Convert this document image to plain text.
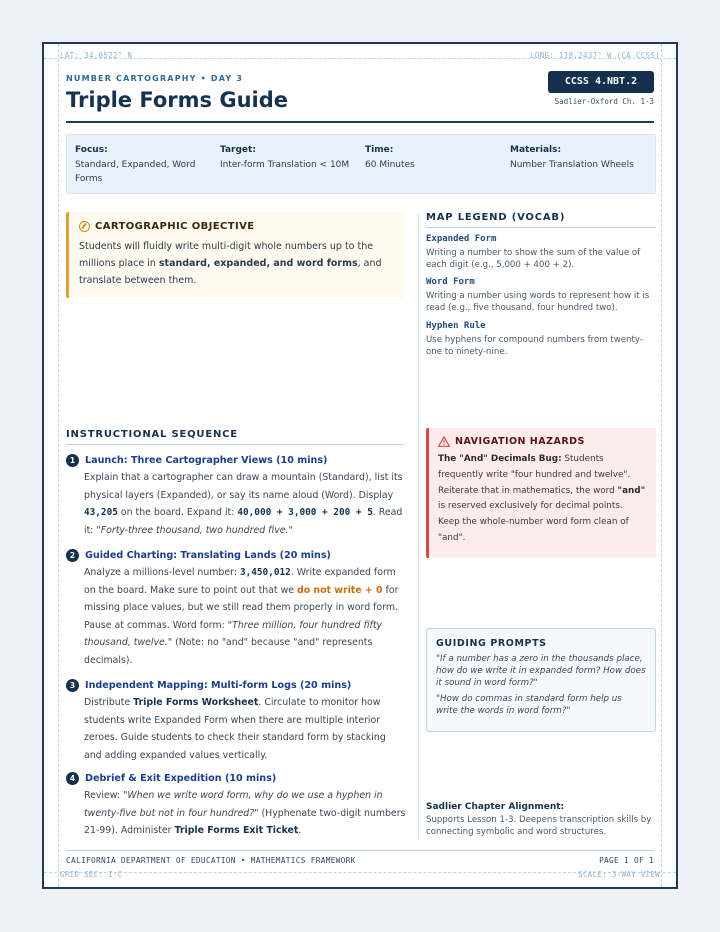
LAT: 34.0522° N	LONG: 118.2437° W (CA CCSS)
GRID SEC: I-C	SCALE: 3-WAY VIEW
NUMBER CARTOGRAPHY • DAY 3
Triple Forms Guide
CCSS 4.NBT.2
Sadlier-Oxford Ch. 1-3
Focus:
Standard, Expanded, Word Forms
Target:
Inter-form Translation < 10M
Time:
60 Minutes
Materials:
Number Translation Wheels
CARTOGRAPHIC OBJECTIVE

Students will fluidly write multi-digit whole numbers up to the millions place in standard, expanded, and word forms, and translate between them.

MAP LEGEND (VOCAB)
Expanded Form
Writing a number to show the sum of the value of each digit (e.g., 5,000 + 400 + 2).
Word Form
Writing a number using words to represent how it is read (e.g., five thousand, four hundred two).
Hyphen Rule
Use hyphens for compound numbers from twenty-one to ninety-nine.
INSTRUCTIONAL SEQUENCE
1	Launch: Three Cartographer Views (10 mins)
Explain that a cartographer can draw a mountain (Standard), list its physical layers (Expanded), or say its name aloud (Word). Display 43,205 on the board. Expand it: 40,000 + 3,000 + 200 + 5. Read it: "Forty-three thousand, two hundred five."
2	Guided Charting: Translating Lands (20 mins)
Analyze a millions-level number: 3,450,012. Write expanded form on the board. Make sure to point out that we do not write + 0 for missing place values, but we still read them properly in word form. Pause at commas. Word form: "Three million, four hundred fifty thousand, twelve." (Note: no "and" because "and" represents decimals).
3	Independent Mapping: Multi-form Logs (20 mins)
Distribute Triple Forms Worksheet. Circulate to monitor how students write Expanded Form when there are multiple interior zeroes. Guide students to check their standard form by stacking and adding expanded values vertically.
4	Debrief & Exit Expedition (10 mins)
Review: "When we write word form, why do we use a hyphen in twenty-five but not in four hundred?" (Hyphenate two-digit numbers 21-99). Administer Triple Forms Exit Ticket.
NAVIGATION HAZARDS

The "And" Decimals Bug: Students frequently write "four hundred and twelve". Reiterate that in mathematics, the word "and" is reserved exclusively for decimal points. Keep the whole-number word form clean of "and".

GUIDING PROMPTS

"If a number has a zero in the thousands place, how do we write it in expanded form? How does it sound in word form?"

"How do commas in standard form help us write the words in word form?"

Sadlier Chapter Alignment:
Supports Lesson 1-3. Deepens transcription skills by connecting symbolic and word structures.
CALIFORNIA DEPARTMENT OF EDUCATION • MATHEMATICS FRAMEWORK	PAGE 1 OF 1
